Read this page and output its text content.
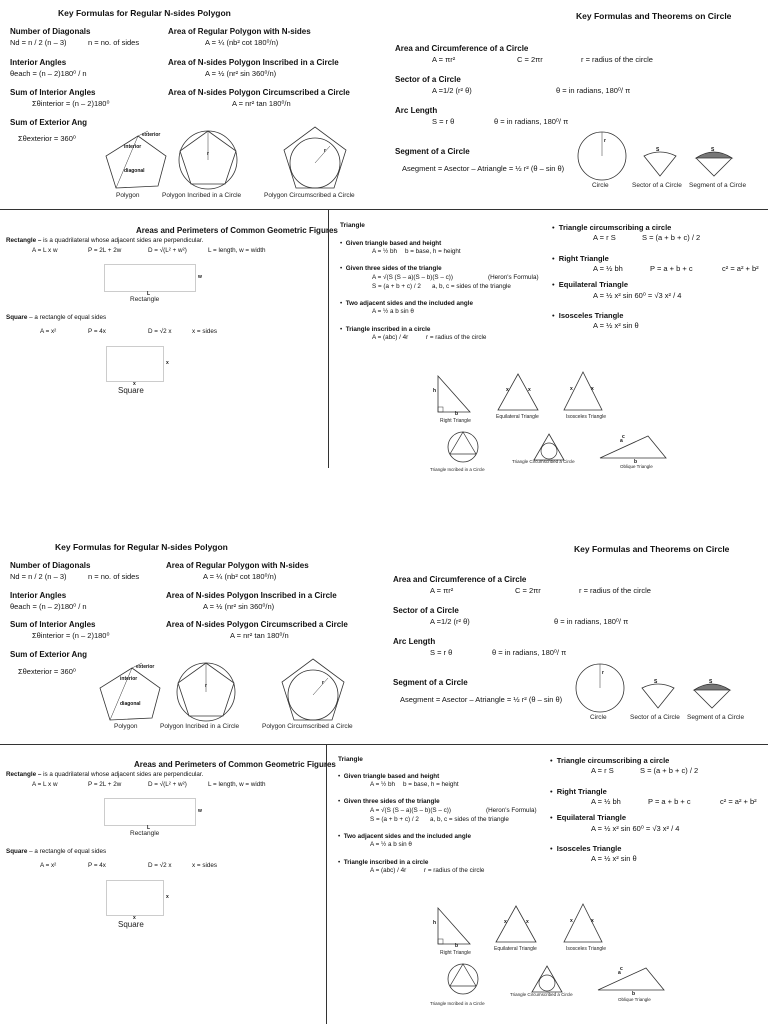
Key Formulas for Regular N-sides Polygon
Number of Diagonals
Nd = n / 2 (n – 3)	n = no. of sides
Interior Angles
θeach = (n – 2)180⁰ / n
Sum of Interior Angles
Σθinterior = (n – 2)180⁰
Sum of Exterior Ang
Σθexterior = 360⁰
Area of Regular Polygon with N-sides
A = ¼ (nb² cot 180⁰/n)
Area of N-sides Polygon Inscribed in a Circle
A = ½ (nr² sin 360⁰/n)
Area of N-sides Polygon Circumscribed a Circle
A = nr² tan 180⁰/n
exterior
interior
diagonal
r	r
Polygon	Polygon Incribed in a Circle	Polygon Circumscribed a Circle
Key Formulas and Theorems on Circle
Area and Circumference of a Circle
A = πr²	C = 2πr	r = radius of the circle
Sector of a Circle
A =1/2 (r² θ)	θ = in radians, 180⁰/ π
Arc Length
S = r θ	θ = in radians, 180⁰/ π
Segment of a Circle
Asegment = Asector – Atriangle = ½ r² (θ – sin θ)
r
Circle
S
Sector of a Circle
S
Segment of a Circle
Areas and Perimeters of Common Geometric Figures
Rectangle – is a quadrilateral whose adjacent sides are perpendicular.
A = L x w	P = 2L + 2w	D = √(L² + w²)	L = length, w = width
w
L
Rectangle
Square – a rectangle of equal sides
A = x²	P = 4x	D = √2 x	x = sides
x
x
Square
Triangle
•  Given triangle based and height
A = ½ bh b = base, h = height
•  Given three sides of the triangle
A = √(S (S – a)(S – b)(S – c))	(Heron's Formula)
S = (a + b + c) / 2 a, b, c = sides of the triangle
•  Two adjacent sides and the included angle
A = ½ a b sin θ
•  Triangle inscribed in a circle
A = (abc) / 4r	r = radius of the circle
•  Triangle circumscribing a circle
A = r S	S = (a + b + c) / 2
•  Right Triangle
A = ½ bh	P = a + b + c	c² = a² + b²
•  Equilateral Triangle
A = ½ x² sin 60⁰ = √3 x² / 4
•  Isosceles Triangle
A = ½ x² sin θ
h
b
Right Triangle
x	x
Equilateral Triangle
x	x
Isosceles Triangle
Triangle Incribed in a Circle
Triangle Circumscribed a Circle
a
c
b
Oblique Triangle
Key Formulas for Regular N-sides Polygon
Number of Diagonals
Nd = n / 2 (n – 3)	n = no. of sides
Interior Angles
θeach = (n – 2)180⁰ / n
Sum of Interior Angles
Σθinterior = (n – 2)180⁰
Sum of Exterior Ang
Σθexterior = 360⁰
Area of Regular Polygon with N-sides
A = ¼ (nb² cot 180⁰/n)
Area of N-sides Polygon Inscribed in a Circle
A = ½ (nr² sin 360⁰/n)
Area of N-sides Polygon Circumscribed a Circle
A = nr² tan 180⁰/n
exterior
interior
diagonal
r	r
Polygon	Polygon Incribed in a Circle	Polygon Circumscribed a Circle
Key Formulas and Theorems on Circle
Area and Circumference of a Circle
A = πr²	C = 2πr	r = radius of the circle
Sector of a Circle
A =1/2 (r² θ)	θ = in radians, 180⁰/ π
Arc Length
S = r θ	θ = in radians, 180⁰/ π
Segment of a Circle
Asegment = Asector – Atriangle = ½ r² (θ – sin θ)
r
Circle
S
Sector of a Circle
S
Segment of a Circle
Areas and Perimeters of Common Geometric Figures
Rectangle – is a quadrilateral whose adjacent sides are perpendicular.
A = L x w	P = 2L + 2w	D = √(L² + w²)	L = length, w = width
w
L
Rectangle
Square – a rectangle of equal sides
A = x²	P = 4x	D = √2 x	x = sides
x
x
Square
Triangle
•  Given triangle based and height
A = ½ bh b = base, h = height
•  Given three sides of the triangle
A = √(S (S – a)(S – b)(S – c))	(Heron's Formula)
S = (a + b + c) / 2 a, b, c = sides of the triangle
•  Two adjacent sides and the included angle
A = ½ a b sin θ
•  Triangle inscribed in a circle
A = (abc) / 4r	r = radius of the circle
•  Triangle circumscribing a circle
A = r S	S = (a + b + c) / 2
•  Right Triangle
A = ½ bh	P = a + b + c	c² = a² + b²
•  Equilateral Triangle
A = ½ x² sin 60⁰ = √3 x² / 4
•  Isosceles Triangle
A = ½ x² sin θ
h
b
Right Triangle
x	x
Equilateral Triangle
x	x
Isosceles Triangle
Triangle Incribed in a Circle
Triangle Circumscribed a Circle
a
c
b
Oblique Triangle
